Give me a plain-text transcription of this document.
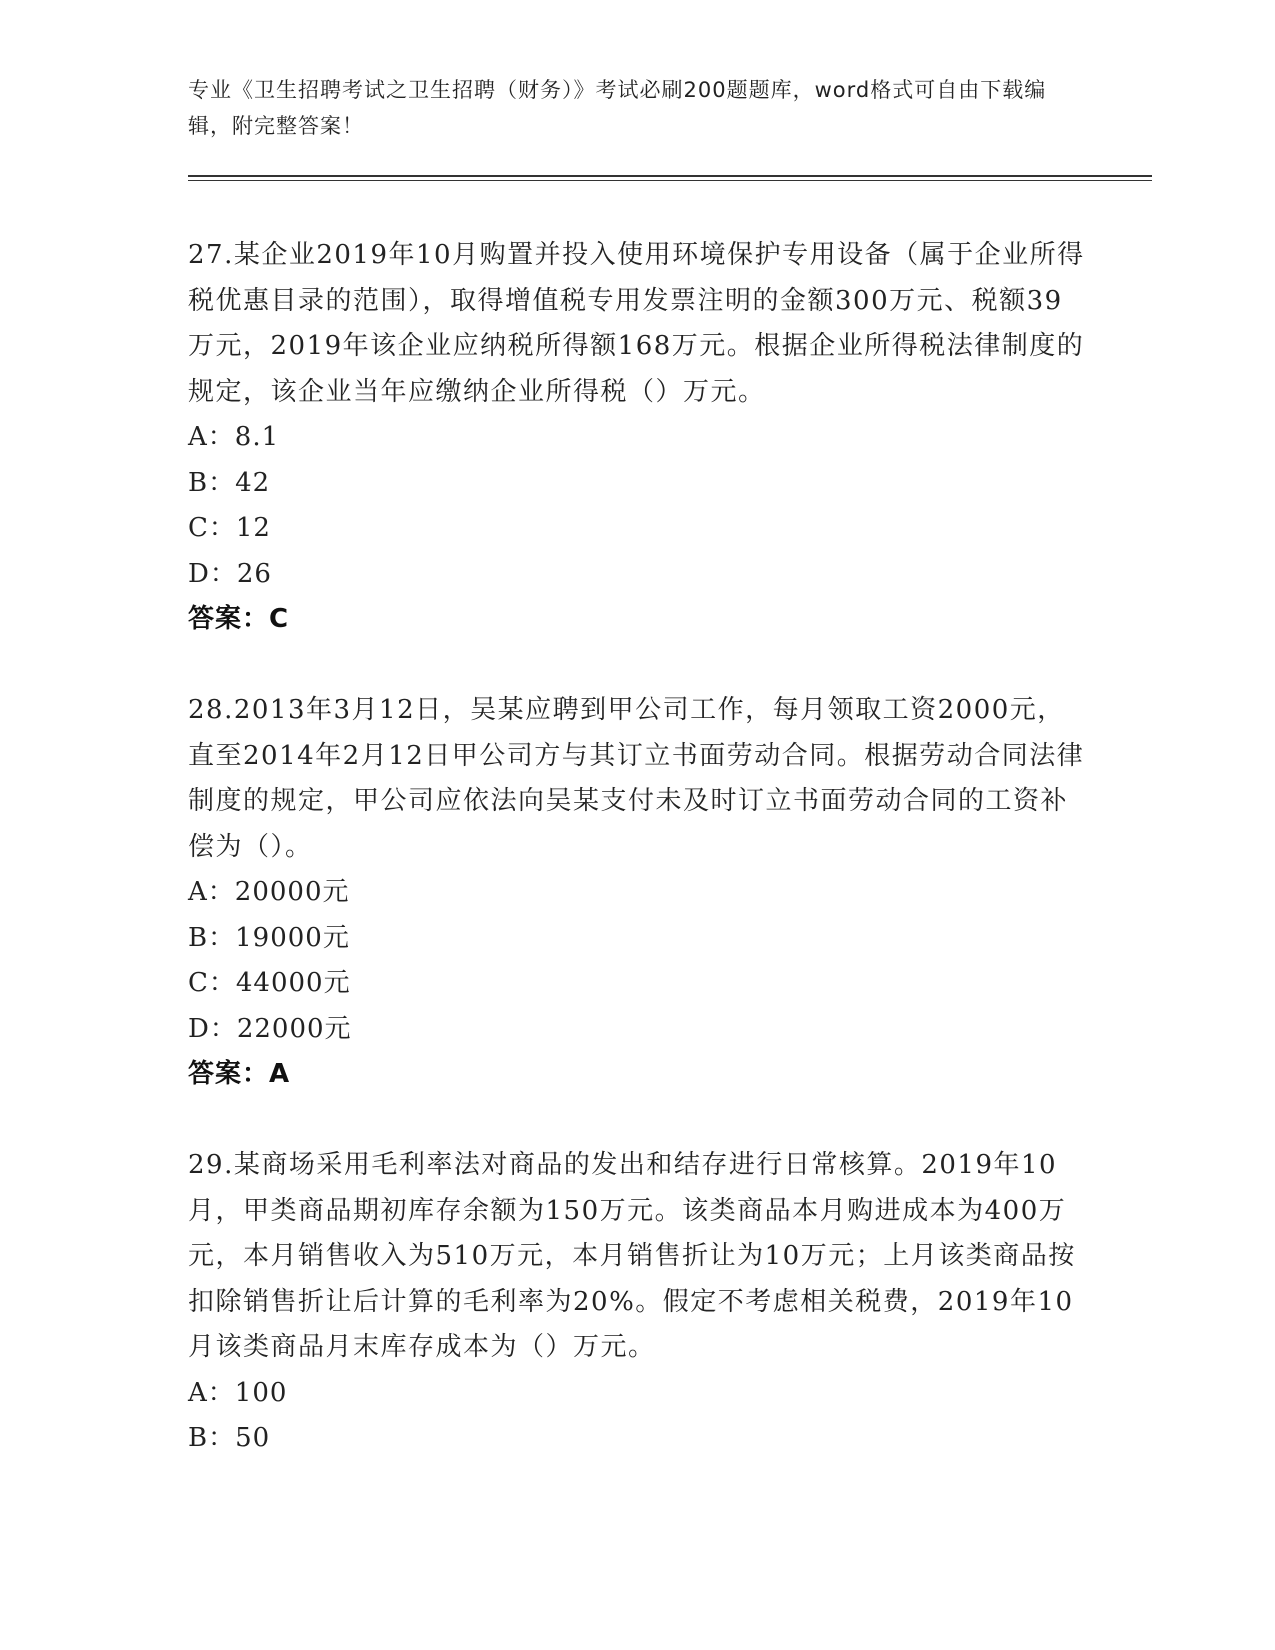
专业《卫生招聘考试之卫生招聘（财务）》考试必刷200题题库，word格式可自由下载编辑，附完整答案！

27.某企业2019年10月购置并投入使用环境保护专用设备（属于企业所得税优惠目录的范围），取得增值税专用发票注明的金额300万元、税额39万元，2019年该企业应纳税所得额168万元。根据企业所得税法律制度的规定，该企业当年应缴纳企业所得税（）万元。

A：8.1
B：42
C：12
D：26
答案：C

28.2013年3月12日，吴某应聘到甲公司工作，每月领取工资2000元，直至2014年2月12日甲公司方与其订立书面劳动合同。根据劳动合同法律制度的规定，甲公司应依法向吴某支付未及时订立书面劳动合同的工资补偿为（）。

A：20000元
B：19000元
C：44000元
D：22000元
答案：A

29.某商场采用毛利率法对商品的发出和结存进行日常核算。2019年10月，甲类商品期初库存余额为150万元。该类商品本月购进成本为400万元，本月销售收入为510万元，本月销售折让为10万元；上月该类商品按扣除销售折让后计算的毛利率为20%。假定不考虑相关税费，2019年10月该类商品月末库存成本为（）万元。

A：100
B：50
